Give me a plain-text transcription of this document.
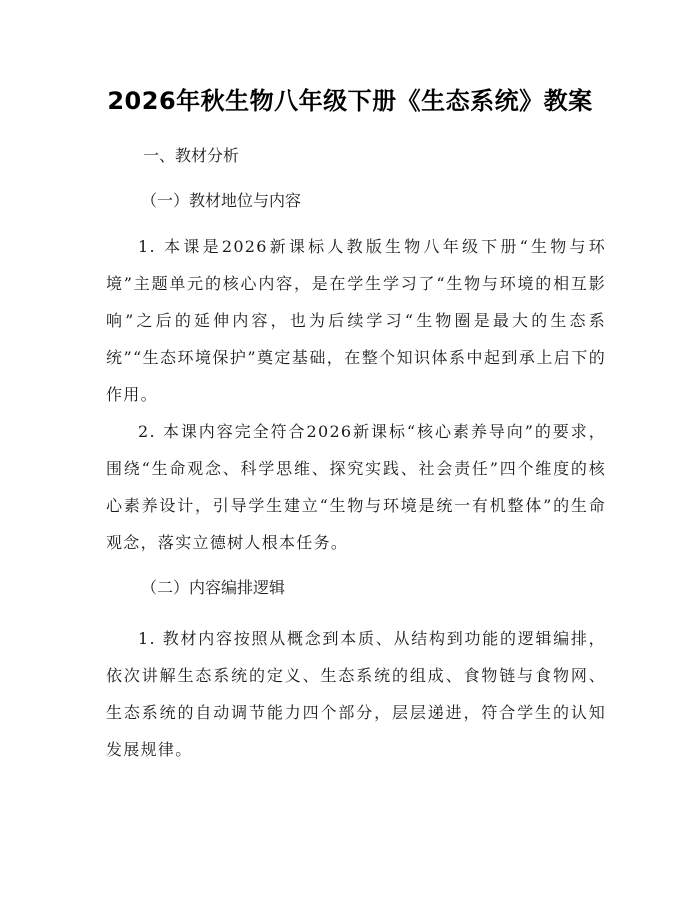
2026年秋生物八年级下册《生态系统》教案
一、教材分析
（一）教材地位与内容
1. 本课是2026新课标人教版生物八年级下册“生物与环境”主题单元的核心内容，是在学生学习了“生物与环境的相互影响”之后的延伸内容，也为后续学习“生物圈是最大的生态系统”“生态环境保护”奠定基础，在整个知识体系中起到承上启下的作用。
2. 本课内容完全符合2026新课标“核心素养导向”的要求，围绕“生命观念、科学思维、探究实践、社会责任”四个维度的核心素养设计，引导学生建立“生物与环境是统一有机整体”的生命观念，落实立德树人根本任务。
（二）内容编排逻辑
1. 教材内容按照从概念到本质、从结构到功能的逻辑编排，依次讲解生态系统的定义、生态系统的组成、食物链与食物网、生态系统的自动调节能力四个部分，层层递进，符合学生的认知发展规律。
